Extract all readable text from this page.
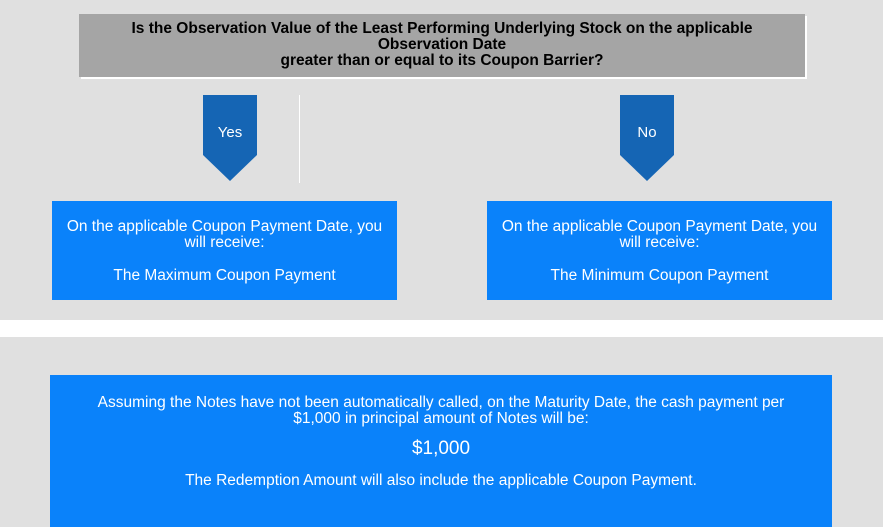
Is the Observation Value of the Least Performing Underlying Stock on the applicable
Observation Date
greater than or equal to its Coupon Barrier?
Yes	No
On the applicable Coupon Payment Date, you
will receive:
The Maximum Coupon Payment
On the applicable Coupon Payment Date, you
will receive:
The Minimum Coupon Payment
Assuming the Notes have not been automatically called, on the Maturity Date, the cash payment per
$1,000 in principal amount of Notes will be:
$1,000
The Redemption Amount will also include the applicable Coupon Payment.
